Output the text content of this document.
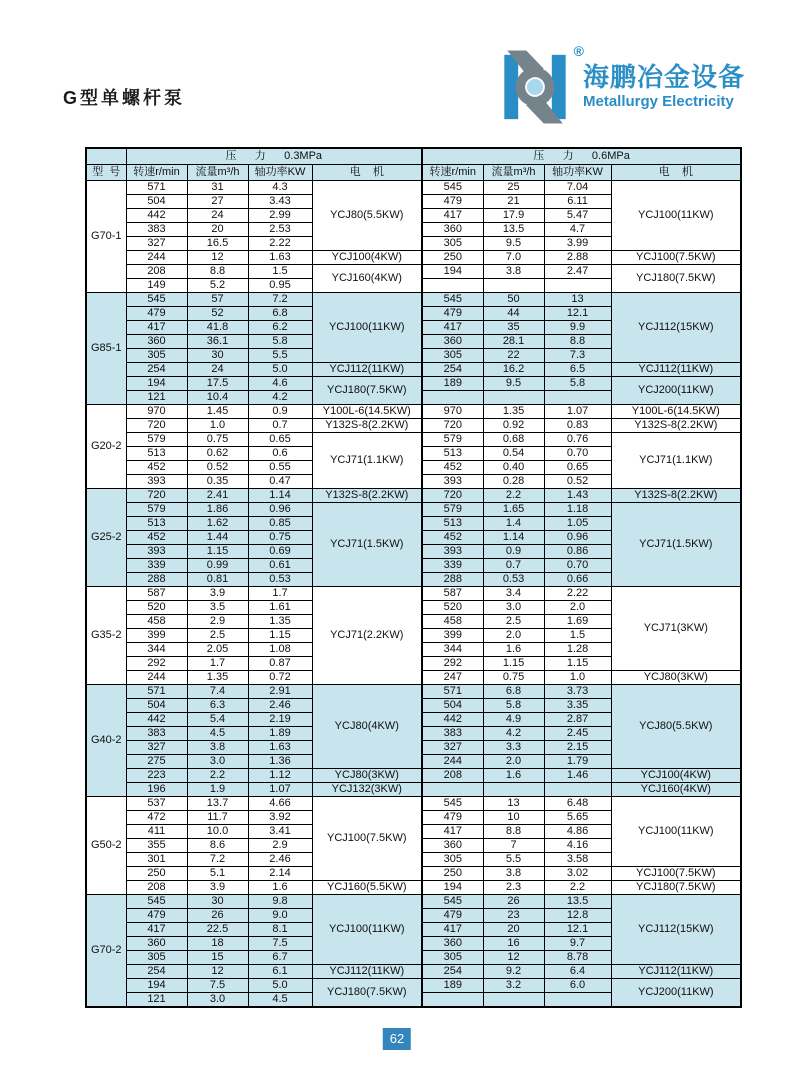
G型单螺杆泵
®
海鹏冶金设备
Metallurgy Electricity
	压      力      0.3MPa				压      力      0.6MPa			
型  号	转速r/min	流量m³/h	轴功率KW	电    机	转速r/min	流量m³/h	轴功率KW	电    机
G70-1	571	31	4.3	YCJ80(5.5KW)	545	25	7.04	YCJ100(11KW)
	504	27	3.43		479	21	6.11	
	442	24	2.99		417	17.9	5.47	
	383	20	2.53		360	13.5	4.7	
	327	16.5	2.22		305	9.5	3.99	
	244	12	1.63	YCJ100(4KW)	250	7.0	2.88	YCJ100(7.5KW)
	208	8.8	1.5	YCJ160(4KW)	194	3.8	2.47	YCJ180(7.5KW)
	149	5.2	0.95					
G85-1	545	57	7.2	YCJ100(11KW)	545	50	13	YCJ112(15KW)
	479	52	6.8		479	44	12.1	
	417	41.8	6.2		417	35	9.9	
	360	36.1	5.8		360	28.1	8.8	
	305	30	5.5		305	22	7.3	
	254	24	5.0	YCJ112(11KW)	254	16.2	6.5	YCJ112(11KW)
	194	17.5	4.6	YCJ180(7.5KW)	189	9.5	5.8	YCJ200(11KW)
	121	10.4	4.2					
G20-2	970	1.45	0.9	Y100L-6(14.5KW)	970	1.35	1.07	Y100L-6(14.5KW)
	720	1.0	0.7	Y132S-8(2.2KW)	720	0.92	0.83	Y132S-8(2.2KW)
	579	0.75	0.65	YCJ71(1.1KW)	579	0.68	0.76	YCJ71(1.1KW)
	513	0.62	0.6		513	0.54	0.70	
	452	0.52	0.55		452	0.40	0.65	
	393	0.35	0.47		393	0.28	0.52	
G25-2	720	2.41	1.14	Y132S-8(2.2KW)	720	2.2	1.43	Y132S-8(2.2KW)
	579	1.86	0.96	YCJ71(1.5KW)	579	1.65	1.18	YCJ71(1.5KW)
	513	1.62	0.85		513	1.4	1.05	
	452	1.44	0.75		452	1.14	0.96	
	393	1.15	0.69		393	0.9	0.86	
	339	0.99	0.61		339	0.7	0.70	
	288	0.81	0.53		288	0.53	0.66	
G35-2	587	3.9	1.7	YCJ71(2.2KW)	587	3.4	2.22	YCJ71(3KW)
	520	3.5	1.61		520	3.0	2.0	
	458	2.9	1.35		458	2.5	1.69	
	399	2.5	1.15		399	2.0	1.5	
	344	2.05	1.08		344	1.6	1.28	
	292	1.7	0.87		292	1.15	1.15	
	244	1.35	0.72		247	0.75	1.0	YCJ80(3KW)
G40-2	571	7.4	2.91	YCJ80(4KW)	571	6.8	3.73	YCJ80(5.5KW)
	504	6.3	2.46		504	5.8	3.35	
	442	5.4	2.19		442	4.9	2.87	
	383	4.5	1.89		383	4.2	2.45	
	327	3.8	1.63		327	3.3	2.15	
	275	3.0	1.36		244	2.0	1.79	
	223	2.2	1.12	YCJ80(3KW)	208	1.6	1.46	YCJ100(4KW)
	196	1.9	1.07	YCJ132(3KW)				YCJ160(4KW)
G50-2	537	13.7	4.66	YCJ100(7.5KW)	545	13	6.48	YCJ100(11KW)
	472	11.7	3.92		479	10	5.65	
	411	10.0	3.41		417	8.8	4.86	
	355	8.6	2.9		360	7	4.16	
	301	7.2	2.46		305	5.5	3.58	
	250	5.1	2.14		250	3.8	3.02	YCJ100(7.5KW)
	208	3.9	1.6	YCJ160(5.5KW)	194	2.3	2.2	YCJ180(7.5KW)
G70-2	545	30	9.8	YCJ100(11KW)	545	26	13.5	YCJ112(15KW)
	479	26	9.0		479	23	12.8	
	417	22.5	8.1		417	20	12.1	
	360	18	7.5		360	16	9.7	
	305	15	6.7		305	12	8.78	
	254	12	6.1	YCJ112(11KW)	254	9.2	6.4	YCJ112(11KW)
	194	7.5	5.0	YCJ180(7.5KW)	189	3.2	6.0	YCJ200(11KW)
	121	3.0	4.5					
62
